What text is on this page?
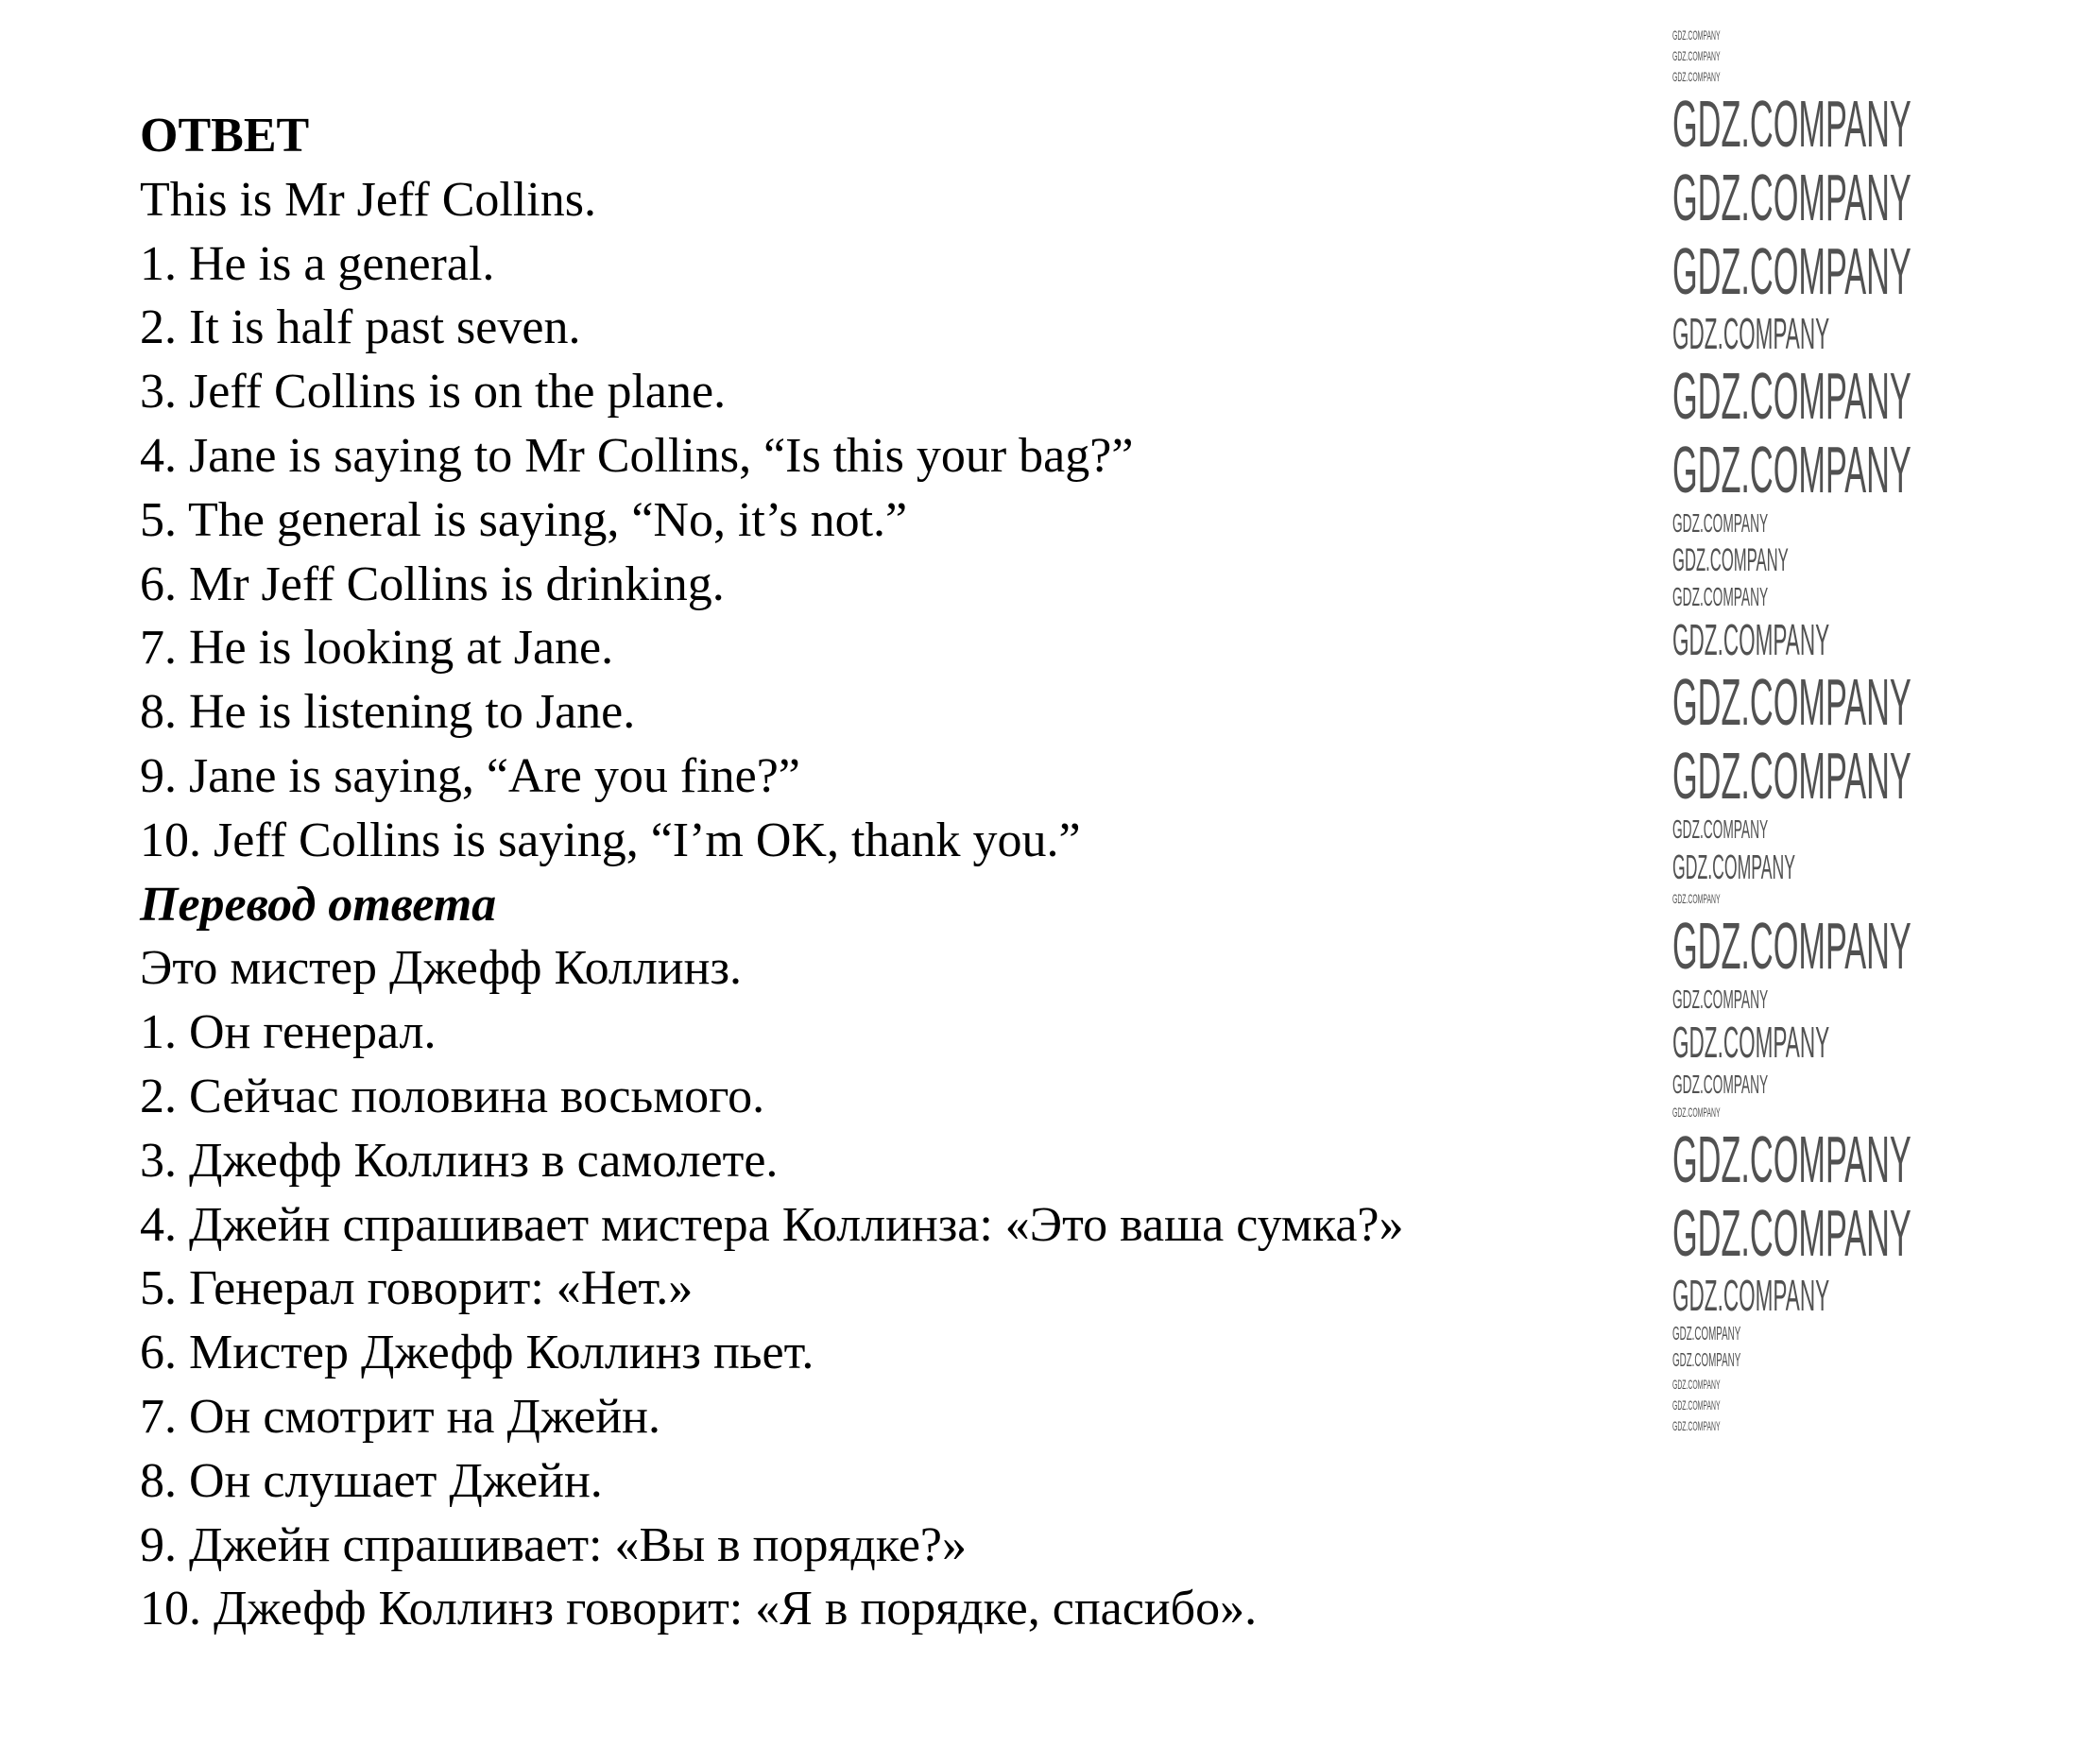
ОТВЕТ
This is Mr Jeff Collins.
1. He is a general.
2. It is half past seven.
3. Jeff Collins is on the plane.
4. Jane is saying to Mr Collins, “Is this your bag?”
5. The general is saying, “No, it’s not.”
6. Mr Jeff Collins is drinking.
7. He is looking at Jane.
8. He is listening to Jane.
9. Jane is saying, “Are you fine?”
10. Jeff Collins is saying, “I’m OK, thank you.”
Перевод ответа
Это мистер Джефф Коллинз.
1. Он генерал.
2. Сейчас половина восьмого.
3. Джефф Коллинз в самолете.
4. Джейн спрашивает мистера Коллинза: «Это ваша сумка?»
5. Генерал говорит: «Нет.»
6. Мистер Джефф Коллинз пьет.
7. Он смотрит на Джейн.
8. Он слушает Джейн.
9. Джейн спрашивает: «Вы в порядке?»
10. Джефф Коллинз говорит: «Я в порядке, спасибо».
GDZ.COMPANY
GDZ.COMPANY
GDZ.COMPANY
GDZ.COMPANY
GDZ.COMPANY
GDZ.COMPANY
GDZ.COMPANY
GDZ.COMPANY
GDZ.COMPANY
GDZ.COMPANY
GDZ.COMPANY
GDZ.COMPANY
GDZ.COMPANY
GDZ.COMPANY
GDZ.COMPANY
GDZ.COMPANY
GDZ.COMPANY
GDZ.COMPANY
GDZ.COMPANY
GDZ.COMPANY
GDZ.COMPANY
GDZ.COMPANY
GDZ.COMPANY
GDZ.COMPANY
GDZ.COMPANY
GDZ.COMPANY
GDZ.COMPANY
GDZ.COMPANY
GDZ.COMPANY
GDZ.COMPANY
GDZ.COMPANY
